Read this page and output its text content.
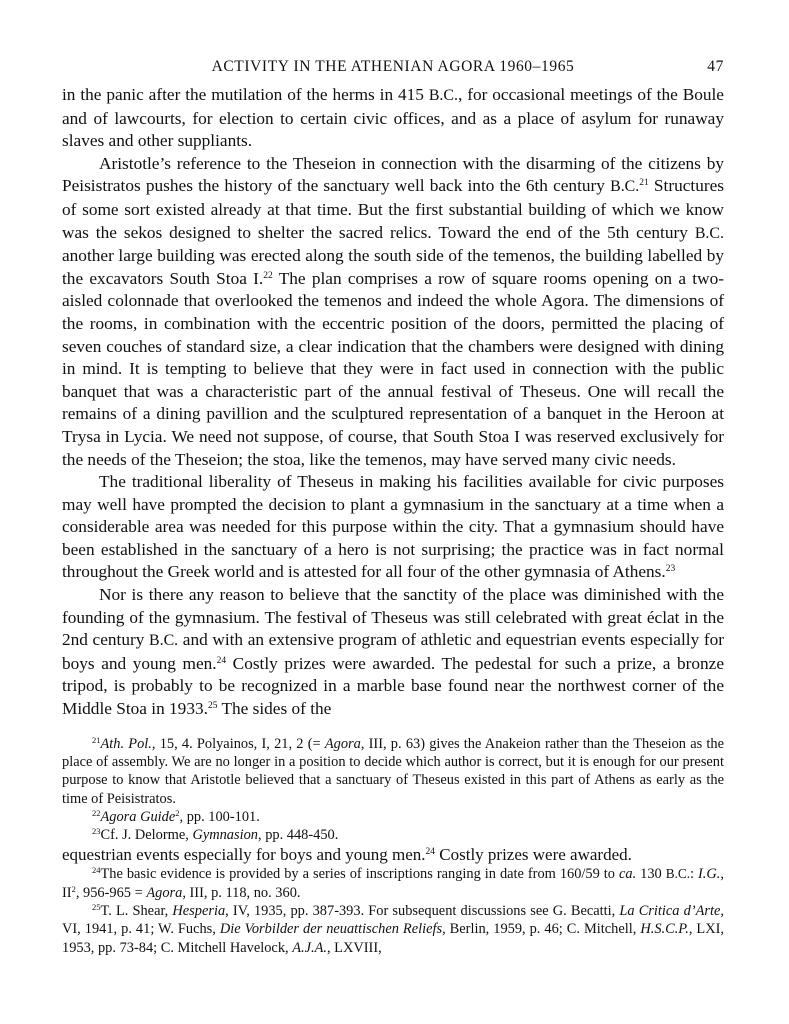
ACTIVITY IN THE ATHENIAN AGORA 1960–1965	47

in the panic after the mutilation of the herms in 415 B.C., for occasional meetings of the Boule and of lawcourts, for election to certain civic offices, and as a place of asylum for runaway slaves and other suppliants.

Aristotle’s reference to the Theseion in connection with the disarming of the citizens by Peisistratos pushes the history of the sanctuary well back into the 6th century B.C.$^{21}$ Structures of some sort existed already at that time. But the first substantial building of which we know was the sekos designed to shelter the sacred relics. Toward the end of the 5th century B.C. another large building was erected along the south side of the temenos, the building labelled by the excavators South Stoa I.$^{22}$ The plan comprises a row of square rooms opening on a two-aisled colonnade that overlooked the temenos and indeed the whole Agora. The dimensions of the rooms, in combination with the eccentric position of the doors, permitted the placing of seven couches of standard size, a clear indication that the chambers were designed with dining in mind. It is tempting to believe that they were in fact used in connection with the public banquet that was a characteristic part of the annual festival of Theseus. One will recall the remains of a dining pavillion and the sculptured representation of a banquet in the Heroon at Trysa in Lycia. We need not suppose, of course, that South Stoa I was reserved exclusively for the needs of the Theseion; the stoa, like the temenos, may have served many civic needs.

The traditional liberality of Theseus in making his facilities available for civic purposes may well have prompted the decision to plant a gymnasium in the sanctuary at a time when a considerable area was needed for this purpose within the city. That a gymnasium should have been established in the sanctuary of a hero is not surprising; the practice was in fact normal throughout the Greek world and is attested for all four of the other gymnasia of Athens.$^{23}$

Nor is there any reason to believe that the sanctity of the place was diminished with the founding of the gymnasium. The festival of Theseus was still celebrated with great éclat in the 2nd century B.C. and with an extensive program of athletic and equestrian events especially for boys and young men.$^{24}$ Costly prizes were awarded. The pedestal for such a prize, a bronze tripod, is probably to be recognized in a marble base found near the northwest corner of the Middle Stoa in 1933.25 The sides of the

$^{21}$Ath. Pol., 15, 4. Polyainos, I, 21, 2 (= Agora, III, p. 63) gives the Anakeion rather than the Theseion as the place of assembly. We are no longer in a position to decide which author is correct, but it is enough for our present purpose to know that Aristotle believed that a sanctuary of Theseus existed in this part of Athens as early as the time of Peisistratos.

$^{22}$Agora Guide$^2$, pp. 100-101.

$^{23}$Cf. J. Delorme, Gymnasion, pp. 448-450.

equestrian events especially for boys and young men.$^{24}$ Costly prizes were awarded.

$^{24}$The basic evidence is provided by a series of inscriptions ranging in date from 160/59 to ca. 130 B.C.: I.G., $II^2$, 956-965 = Agora, III, p. 118, no. 360.

$^{25}$T. L. Shear, Hesperia, IV, 1935, pp. 387-393. For subsequent discussions see G. Becatti, La Critica d’Arte, VI, 1941, p. 41; W. Fuchs, Die Vorbilder der neuattischen Reliefs, Berlin, 1959, p. 46; C. Mitchell, H.S.C.P., LXI, 1953, pp. 73-84; C. Mitchell Havelock, A.J.A., LXVIII,
